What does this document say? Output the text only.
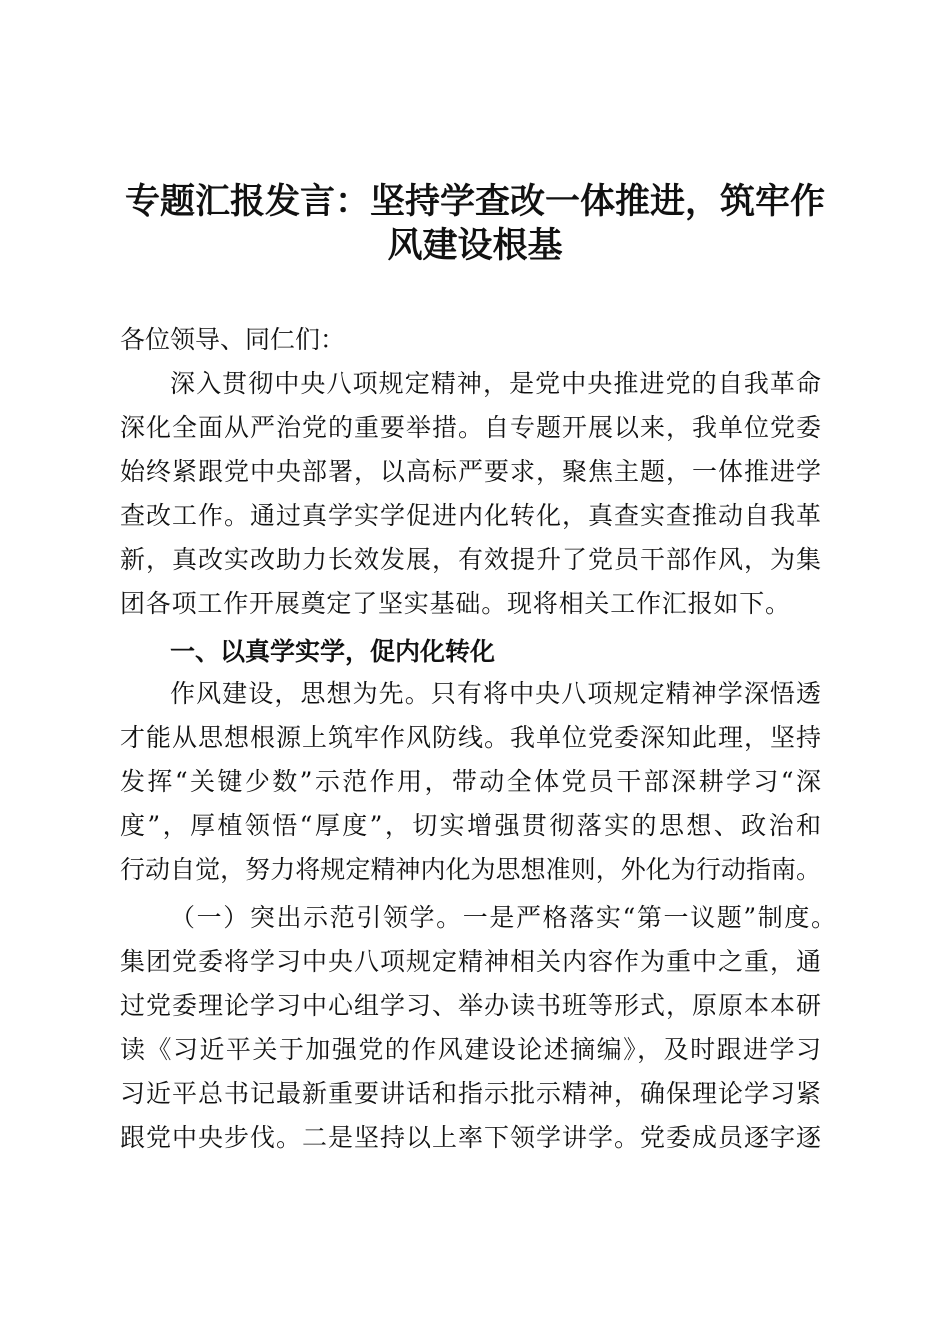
专题汇报发言：坚持学查改一体推进，筑牢作
风建设根基
各位领导、同仁们：
深入贯彻中央八项规定精神，是党中央推进党的自我革命
深化全面从严治党的重要举措。自专题开展以来，我单位党委
始终紧跟党中央部署，以高标严要求，聚焦主题，一体推进学
查改工作。通过真学实学促进内化转化，真查实查推动自我革
新，真改实改助力长效发展，有效提升了党员干部作风，为集
团各项工作开展奠定了坚实基础。现将相关工作汇报如下。
一、以真学实学，促内化转化
作风建设，思想为先。只有将中央八项规定精神学深悟透
才能从思想根源上筑牢作风防线。我单位党委深知此理，坚持
发挥“关键少数”示范作用，带动全体党员干部深耕学习“深
度”，厚植领悟“厚度”，切实增强贯彻落实的思想、政治和
行动自觉，努力将规定精神内化为思想准则，外化为行动指南。
（一）突出示范引领学。一是严格落实“第一议题”制度。
集团党委将学习中央八项规定精神相关内容作为重中之重，通
过党委理论学习中心组学习、举办读书班等形式，原原本本研
读《习近平关于加强党的作风建设论述摘编》，及时跟进学习
习近平总书记最新重要讲话和指示批示精神，确保理论学习紧
跟党中央步伐。二是坚持以上率下领学讲学。党委成员逐字逐
